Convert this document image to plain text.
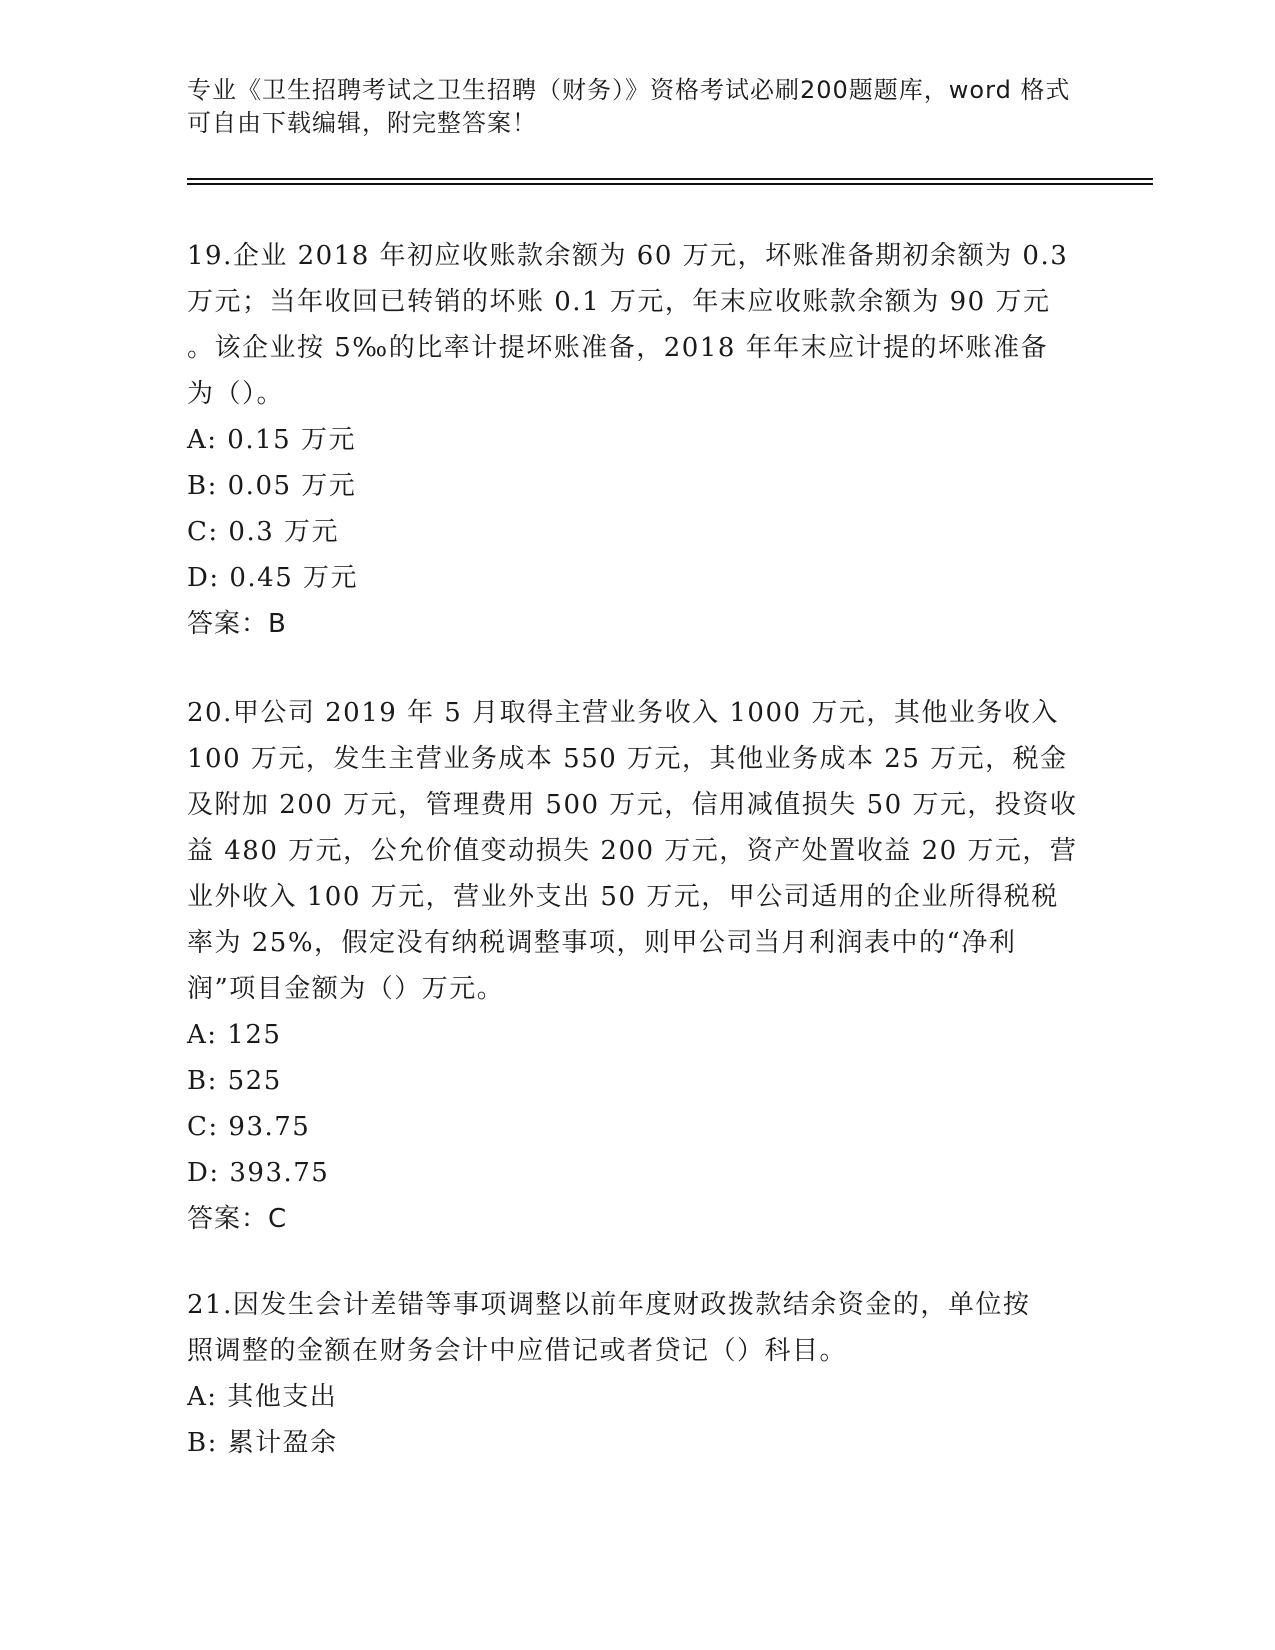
专业《卫生招聘考试之卫生招聘（财务）》资格考试必刷200题题库，word 格式
可自由下载编辑，附完整答案！
19.企业 2018 年初应收账款余额为 60 万元，坏账准备期初余额为 0.3
万元；当年收回已转销的坏账 0.1 万元，年末应收账款余额为 90 万元
。该企业按 5‰的比率计提坏账准备，2018 年年末应计提的坏账准备
为（）。
A: 0.15 万元
B: 0.05 万元
C: 0.3 万元
D: 0.45 万元
答案：B
20.甲公司 2019 年 5 月取得主营业务收入 1000 万元，其他业务收入
100 万元，发生主营业务成本 550 万元，其他业务成本 25 万元，税金
及附加 200 万元，管理费用 500 万元，信用减值损失 50 万元，投资收
益 480 万元，公允价值变动损失 200 万元，资产处置收益 20 万元，营
业外收入 100 万元，营业外支出 50 万元，甲公司适用的企业所得税税
率为 25%，假定没有纳税调整事项，则甲公司当月利润表中的“净利
润”项目金额为（）万元。
A: 125
B: 525
C: 93.75
D: 393.75
答案：C
21.因发生会计差错等事项调整以前年度财政拨款结余资金的，单位按
照调整的金额在财务会计中应借记或者贷记（）科目。
A: 其他支出
B: 累计盈余
